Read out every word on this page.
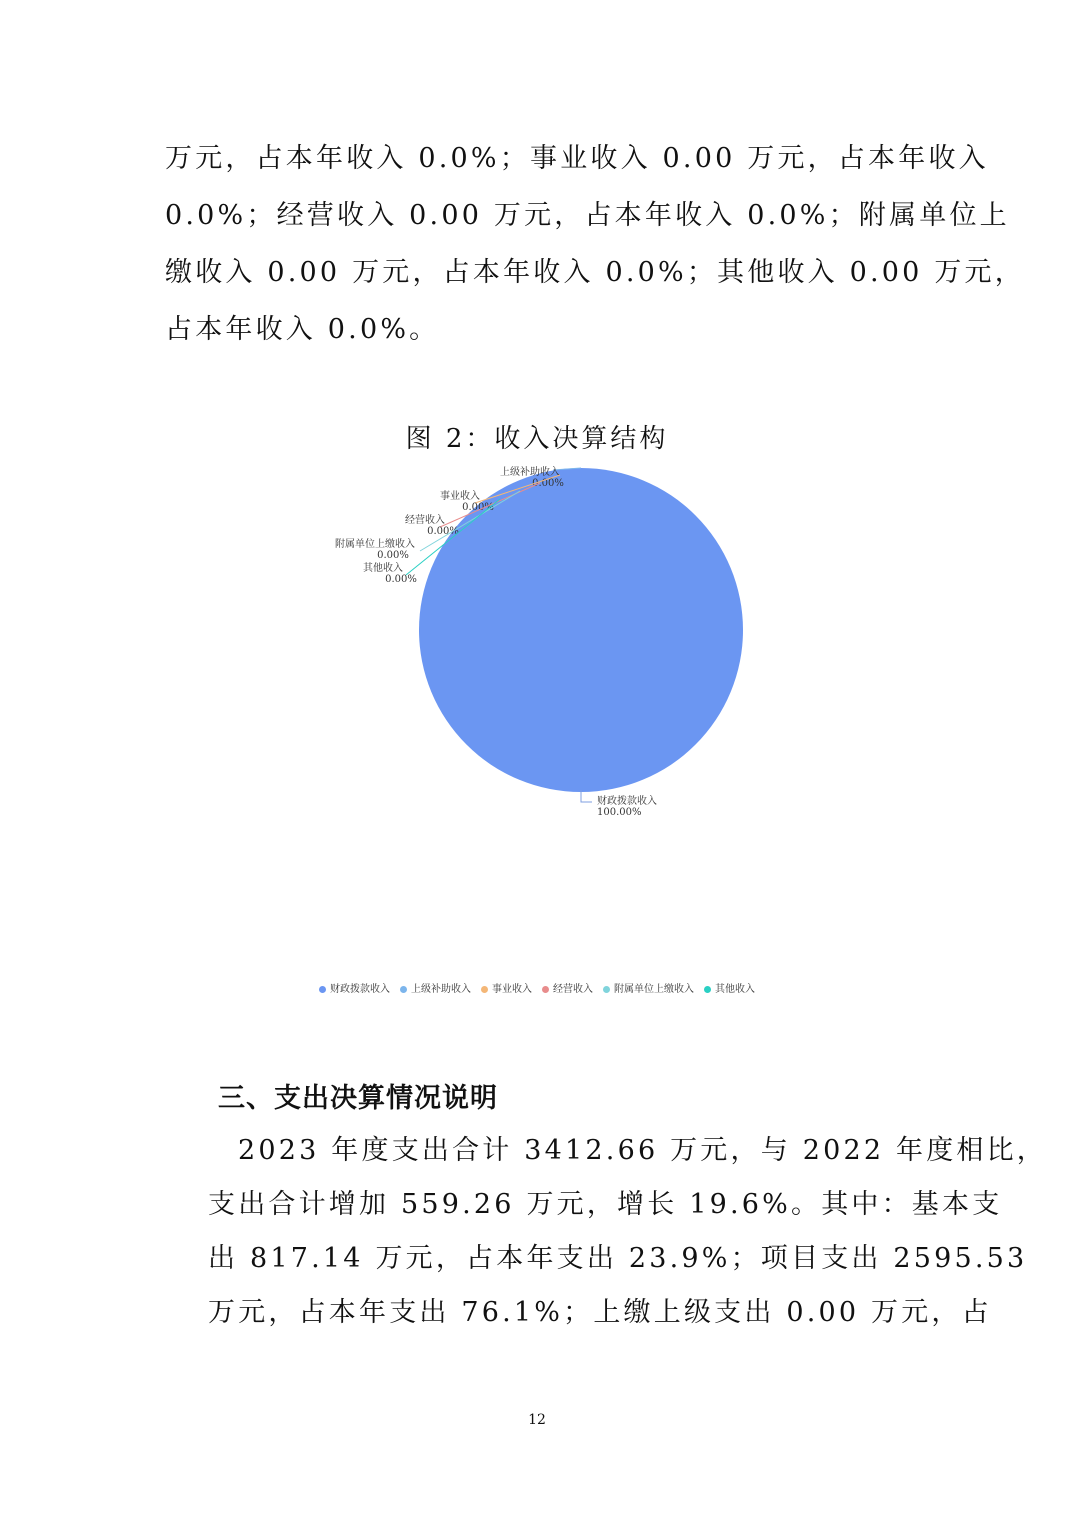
万元，占本年收入 0.0%；事业收入 0.00 万元，占本年收入
0.0%；经营收入 0.00 万元，占本年收入 0.0%；附属单位上
缴收入 0.00 万元，占本年收入 0.0%；其他收入 0.00 万元，
占本年收入 0.0%。
图 2：收入决算结构
财政拨款收入
100.00%
上级补助收入
0.00%
事业收入
0.00%
经营收入
0.00%
附属单位上缴收入
0.00%
其他收入
0.00%
财政拨款收入 上级补助收入 事业收入 经营收入 附属单位上缴收入 其他收入
三、支出决算情况说明
2023 年度支出合计 3412.66 万元，与 2022 年度相比，
支出合计增加 559.26 万元，增长 19.6%。其中：基本支
出 817.14 万元，占本年支出 23.9%；项目支出 2595.53
万元，占本年支出 76.1%；上缴上级支出 0.00 万元，占
12
